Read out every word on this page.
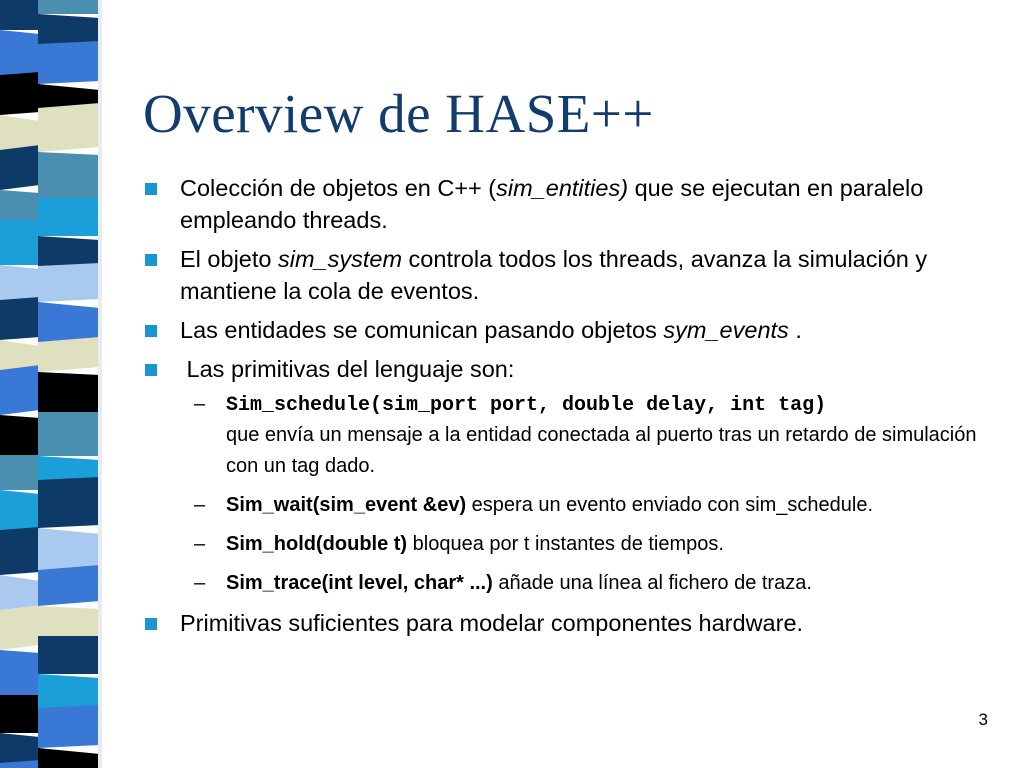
Overview de HASE++
Colección de objetos en C++ (sim_entities) que se ejecutan en paralelo empleando threads.
El objeto sim_system controla todos los threads, avanza la simulación y mantiene la cola de eventos.
Las entidades se comunican pasando objetos sym_events .
Las primitivas del lenguaje son:
– Sim_schedule(sim_port port, double delay, int tag)
que envía un mensaje a la entidad conectada al puerto tras un retardo de simulación con un tag dado.
– Sim_wait(sim_event &ev) espera un evento enviado con sim_schedule.
– Sim_hold(double t) bloquea por t instantes de tiempos.
– Sim_trace(int level, char* ...) añade una línea al fichero de traza.
Primitivas suficientes para modelar componentes hardware.
3
